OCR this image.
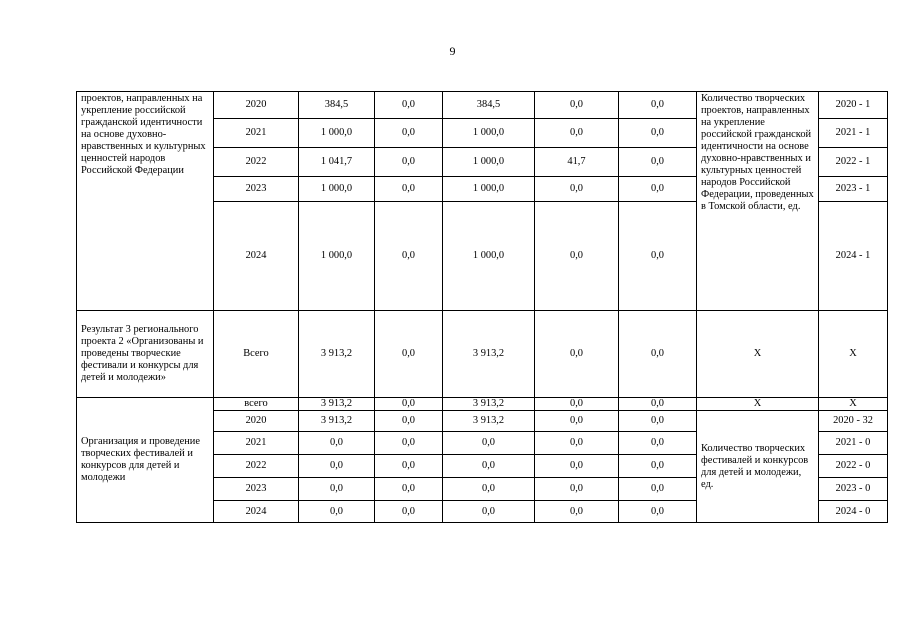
9
проектов, направленных на укрепление российской гражданской идентичности на основе духовно-нравственных и культурных ценностей народов Российской Федерации	2020	384,5	0,0	384,5	0,0	0,0	Количество творческих проектов, направленных на укрепление российской гражданской идентичности на основе духовно-нравственных и культурных ценностей народов Российской Федерации, проведенных в Томской области, ед.	2020 - 1
	2021	1 000,0	0,0	1 000,0	0,0	0,0		2021 - 1
	2022	1 041,7	0,0	1 000,0	41,7	0,0		2022 - 1
	2023	1 000,0	0,0	1 000,0	0,0	0,0		2023 - 1
	2024	1 000,0	0,0	1 000,0	0,0	0,0		2024 - 1
Результат 3 регионального проекта 2 «Организованы и проведены творческие фестивали и конкурсы для детей и молодежи»	Всего	3 913,2	0,0	3 913,2	0,0	0,0	Х	Х
Организация и проведение творческих фестивалей и конкурсов для детей и молодежи	всего	3 913,2	0,0	3 913,2	0,0	0,0	Х	Х
	2020	3 913,2	0,0	3 913,2	0,0	0,0	Количество творческих фестивалей и конкурсов для детей и молодежи, ед.	2020 - 32
	2021	0,0	0,0	0,0	0,0	0,0		2021 - 0
	2022	0,0	0,0	0,0	0,0	0,0		2022 - 0
	2023	0,0	0,0	0,0	0,0	0,0		2023 - 0
	2024	0,0	0,0	0,0	0,0	0,0		2024 - 0
